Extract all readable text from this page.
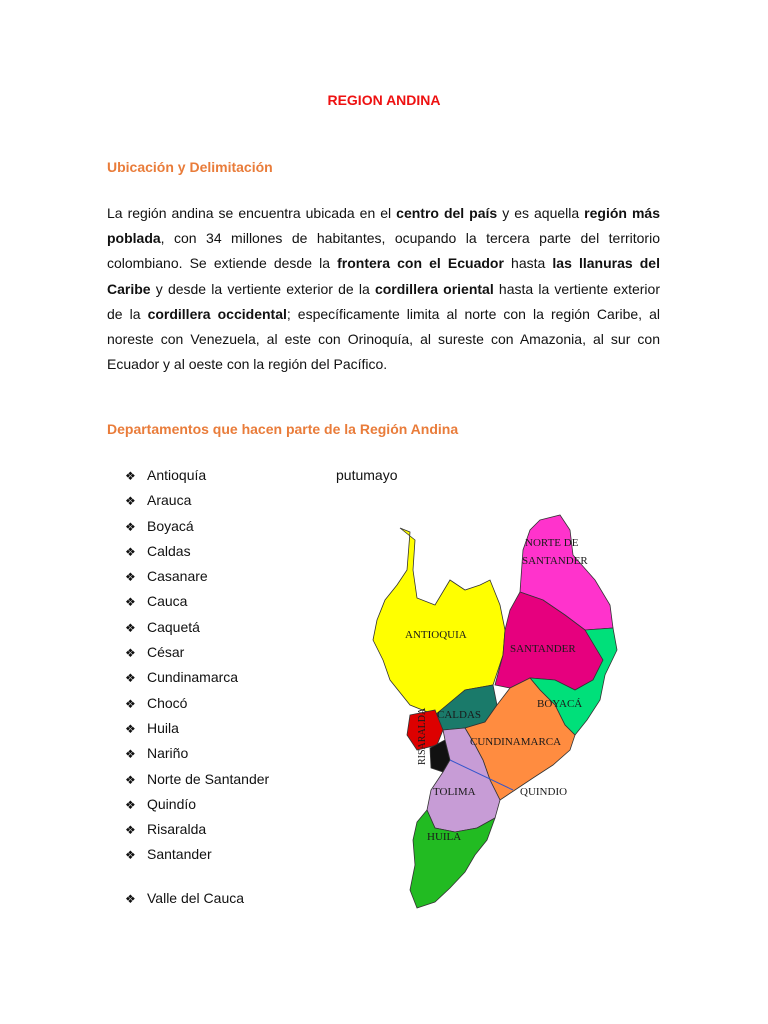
REGION ANDINA
Ubicación y Delimitación
La región andina se encuentra ubicada en el centro del país y es aquella región más poblada, con 34 millones de habitantes, ocupando la tercera parte del territorio colombiano. Se extiende desde la frontera con el Ecuador hasta las llanuras del Caribe y desde la vertiente exterior de la cordillera oriental hasta la vertiente exterior de la cordillera occidental; específicamente limita al norte con la región Caribe, al noreste con Venezuela, al este con Orinoquía, al sureste con Amazonia, al sur con Ecuador y al oeste con la región del Pacífico.
Departamentos que hacen parte de la Región Andina
❖ Antioquía
❖ Arauca
❖ Boyacá
❖ Caldas
❖ Casanare
❖ Cauca
❖ Caquetá
❖ César
❖ Cundinamarca
❖ Chocó
❖ Huila
❖ Nariño
❖ Norte de Santander
❖ Quindío
❖ Risaralda
❖ Santander
❖ Valle del Cauca
putumayo
NORTE DE
SANTANDER
ANTIOQUIA
SANTANDER
BOYACÁ
CALDAS
RISARALDA	CUNDINAMARCA
TOLIMA	QUINDIO
HUILA
